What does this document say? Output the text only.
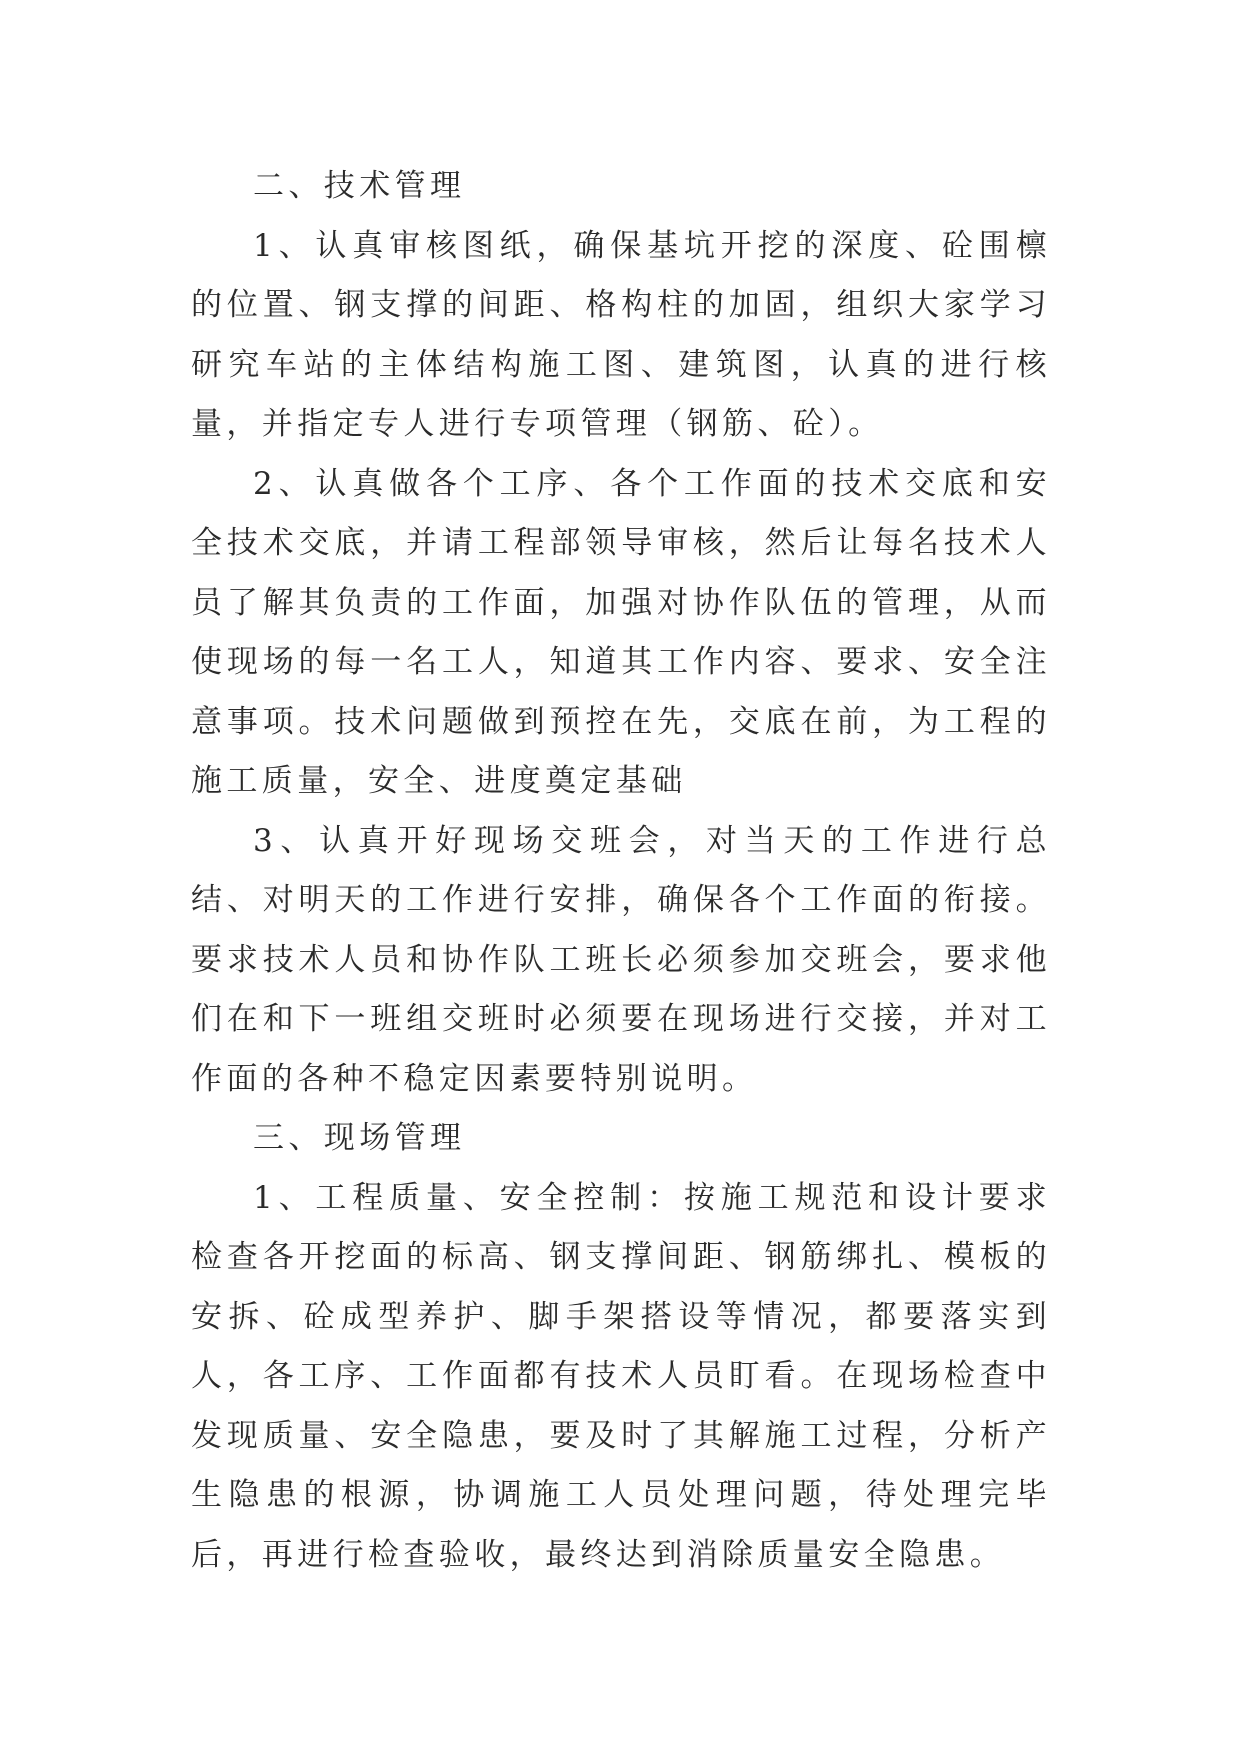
二、技术管理

1、认真审核图纸，确保基坑开挖的深度、砼围檩的位置、钢支撑的间距、格构柱的加固，组织大家学习研究车站的主体结构施工图、建筑图，认真的进行核量，并指定专人进行专项管理（钢筋、砼）。

2、认真做各个工序、各个工作面的技术交底和安全技术交底，并请工程部领导审核，然后让每名技术人员了解其负责的工作面，加强对协作队伍的管理，从而使现场的每一名工人，知道其工作内容、要求、安全注意事项。技术问题做到预控在先，交底在前，为工程的施工质量，安全、进度奠定基础

3、认真开好现场交班会，对当天的工作进行总结、对明天的工作进行安排，确保各个工作面的衔接。要求技术人员和协作队工班长必须参加交班会，要求他们在和下一班组交班时必须要在现场进行交接，并对工作面的各种不稳定因素要特别说明。

三、现场管理

1、工程质量、安全控制：按施工规范和设计要求检查各开挖面的标高、钢支撑间距、钢筋绑扎、模板的安拆、砼成型养护、脚手架搭设等情况，都要落实到人，各工序、工作面都有技术人员盯看。在现场检查中发现质量、安全隐患，要及时了其解施工过程，分析产生隐患的根源，协调施工人员处理问题，待处理完毕后，再进行检查验收，最终达到消除质量安全隐患。
